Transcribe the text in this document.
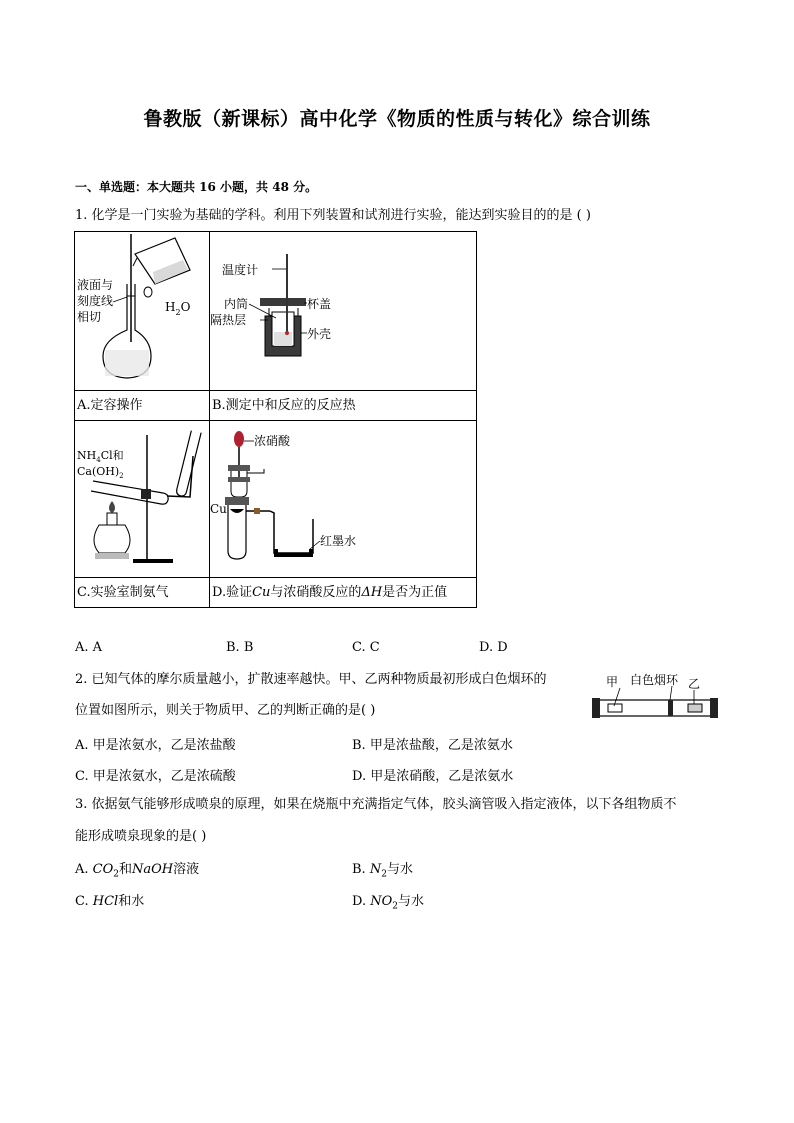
鲁教版（新课标）高中化学《物质的性质与转化》综合训练
一、单选题：本大题共 16 小题，共 48 分。
1. 化学是一门实验为基础的学科。利用下列装置和试剂进行实验，能达到实验目的的是 ( )
液面与
刻度线
相切
$H_2O$	温度计
杯盖
内筒
隔热层
外壳

A.定容操作	B.测定中和反应的反应热

$NH_4Cl$和
$Ca(OH)_2$	浓硝酸
Cu
红墨水

C.实验室制氨气	D.验证Cu与浓硝酸反应的ΔH是否为正值
A. A	B. B	C. C	D. D
2. 已知气体的摩尔质量越小，扩散速率越快。甲、乙两种物质最初形成白色烟环的
位置如图所示，则关于物质甲、乙的判断正确的是( )
甲 白色烟环 乙
A. 甲是浓氨水，乙是浓盐酸	B. 甲是浓盐酸，乙是浓氨水
C. 甲是浓氨水，乙是浓硫酸	D. 甲是浓硝酸，乙是浓氨水
3. 依据氨气能够形成喷泉的原理，如果在烧瓶中充满指定气体，胶头滴管吸入指定液体，以下各组物质不
能形成喷泉现象的是( )
A. $CO_2$和NaOH溶液	B. $N_2$与水
C. HCl和水	D. $NO_2$与水
